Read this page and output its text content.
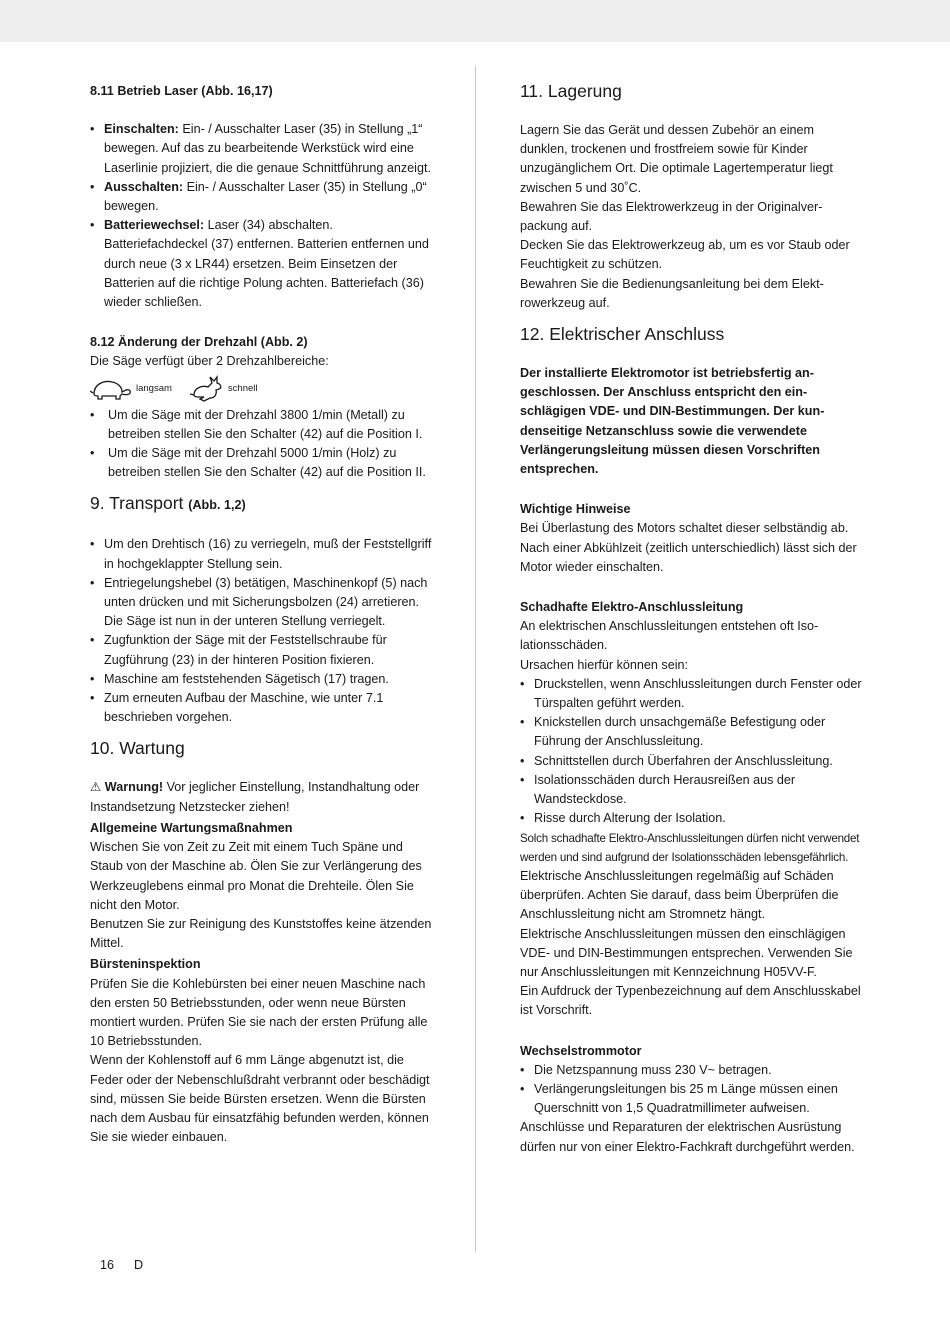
8.11 Betrieb Laser (Abb. 16,17)

• Einschalten: Ein- / Ausschalter Laser (35) in Stellung „1“ bewegen. Auf das zu bearbeitende Werkstück wird eine Laserlinie projiziert, die die genaue Schnittführung anzeigt.
• Ausschalten: Ein- / Ausschalter Laser (35) in Stellung „0“ bewegen.
• Batteriewechsel: Laser (34) abschalten. Batteriefachdeckel (37) entfernen. Batterien entfernen und durch neue (3 x LR44) ersetzen. Beim Einsetzen der Batterien auf die richtige Polung achten. Batteriefach (36) wieder schließen.

8.12 Änderung der Drehzahl (Abb. 2)

Die Säge verfügt über 2 Drehzahlbereiche:

langsam	schnell
• Um die Säge mit der Drehzahl 3800 1/min (Metall) zu betreiben stellen Sie den Schalter (42) auf die Position I.
• Um die Säge mit der Drehzahl 5000 1/min (Holz) zu betreiben stellen Sie den Schalter (42) auf die Position II.
9. Transport (Abb. 1,2)
• Um den Drehtisch (16) zu verriegeln, muß der Feststellgriff in hochgeklappter Stellung sein.
• Entriegelungshebel (3) betätigen, Maschinenkopf (5) nach unten drücken und mit Sicherungsbolzen (24) arretieren. Die Säge ist nun in der unteren Stellung verriegelt.
• Zugfunktion der Säge mit der Feststellschraube für Zugführung (23) in der hinteren Position fixieren.
• Maschine am feststehenden Sägetisch (17) tragen.
• Zum erneuten Aufbau der Maschine, wie unter 7.1 beschrieben vorgehen.
10. Wartung

⚠ Warnung! Vor jeglicher Einstellung, Instandhaltung oder Instandsetzung Netzstecker ziehen!

Allgemeine Wartungsmaßnahmen

Wischen Sie von Zeit zu Zeit mit einem Tuch Späne und Staub von der Maschine ab. Ölen Sie zur Verlängerung des Werkzeuglebens einmal pro Monat die Drehteile. Ölen Sie nicht den Motor.

Benutzen Sie zur Reinigung des Kunststoffes keine ätzenden Mittel.

Bürsteninspektion

Prüfen Sie die Kohlebürsten bei einer neuen Maschine nach den ersten 50 Betriebsstunden, oder wenn neue Bürsten montiert wurden. Prüfen Sie sie nach der ersten Prüfung alle 10 Betriebsstunden.

Wenn der Kohlenstoff auf 6 mm Länge abgenutzt ist, die Feder oder der Nebenschlußdraht verbrannt oder beschädigt sind, müssen Sie beide Bürsten ersetzen. Wenn die Bürsten nach dem Ausbau für einsatzfähig befunden werden, können Sie sie wieder einbauen.

11. Lagerung

Lagern Sie das Gerät und dessen Zubehör an einem dunklen, trockenen und frostfreiem sowie für Kinder unzugänglichem Ort. Die optimale Lagertemperatur liegt zwischen 5 und 30˚C.

Bewahren Sie das Elektrowerkzeug in der Originalverpackung auf.

Decken Sie das Elektrowerkzeug ab, um es vor Staub oder Feuchtigkeit zu schützen.

Bewahren Sie die Bedienungsanleitung bei dem Elektrowerkzeug auf.

12. Elektrischer Anschluss

Der installierte Elektromotor ist betriebsfertig angeschlossen. Der Anschluss entspricht den einschlägigen VDE- und DIN-Bestimmungen. Der kundenseitige Netzanschluss sowie die verwendete Verlängerungsleitung müssen diesen Vorschriften entsprechen.

Wichtige Hinweise

Bei Überlastung des Motors schaltet dieser selbständig ab. Nach einer Abkühlzeit (zeitlich unterschiedlich) lässt sich der Motor wieder einschalten.

Schadhafte Elektro-Anschlussleitung

An elektrischen Anschlussleitungen entstehen oft Isolationsschäden.

Ursachen hierfür können sein:

• Druckstellen, wenn Anschlussleitungen durch Fenster oder Türspalten geführt werden.
• Knickstellen durch unsachgemäße Befestigung oder Führung der Anschlussleitung.
• Schnittstellen durch Überfahren der Anschlussleitung.
• Isolationsschäden durch Herausreißen aus der Wandsteckdose.
• Risse durch Alterung der Isolation.

Solch schadhafte Elektro-Anschlussleitungen dürfen nicht verwendet werden und sind aufgrund der Isolationsschäden lebensgefährlich.

Elektrische Anschlussleitungen regelmäßig auf Schäden überprüfen. Achten Sie darauf, dass beim Überprüfen die Anschlussleitung nicht am Stromnetz hängt.

Elektrische Anschlussleitungen müssen den einschlägigen VDE- und DIN-Bestimmungen entsprechen. Verwenden Sie nur Anschlussleitungen mit Kennzeichnung H05VV-F.

Ein Aufdruck der Typenbezeichnung auf dem Anschlusskabel ist Vorschrift.

Wechselstrommotor

• Die Netzspannung muss 230 V~ betragen.
• Verlängerungsleitungen bis 25 m Länge müssen einen Querschnitt von 1,5 Quadratmillimeter aufweisen.

Anschlüsse und Reparaturen der elektrischen Ausrüstung dürfen nur von einer Elektro-Fachkraft durchgeführt werden.

16 D
